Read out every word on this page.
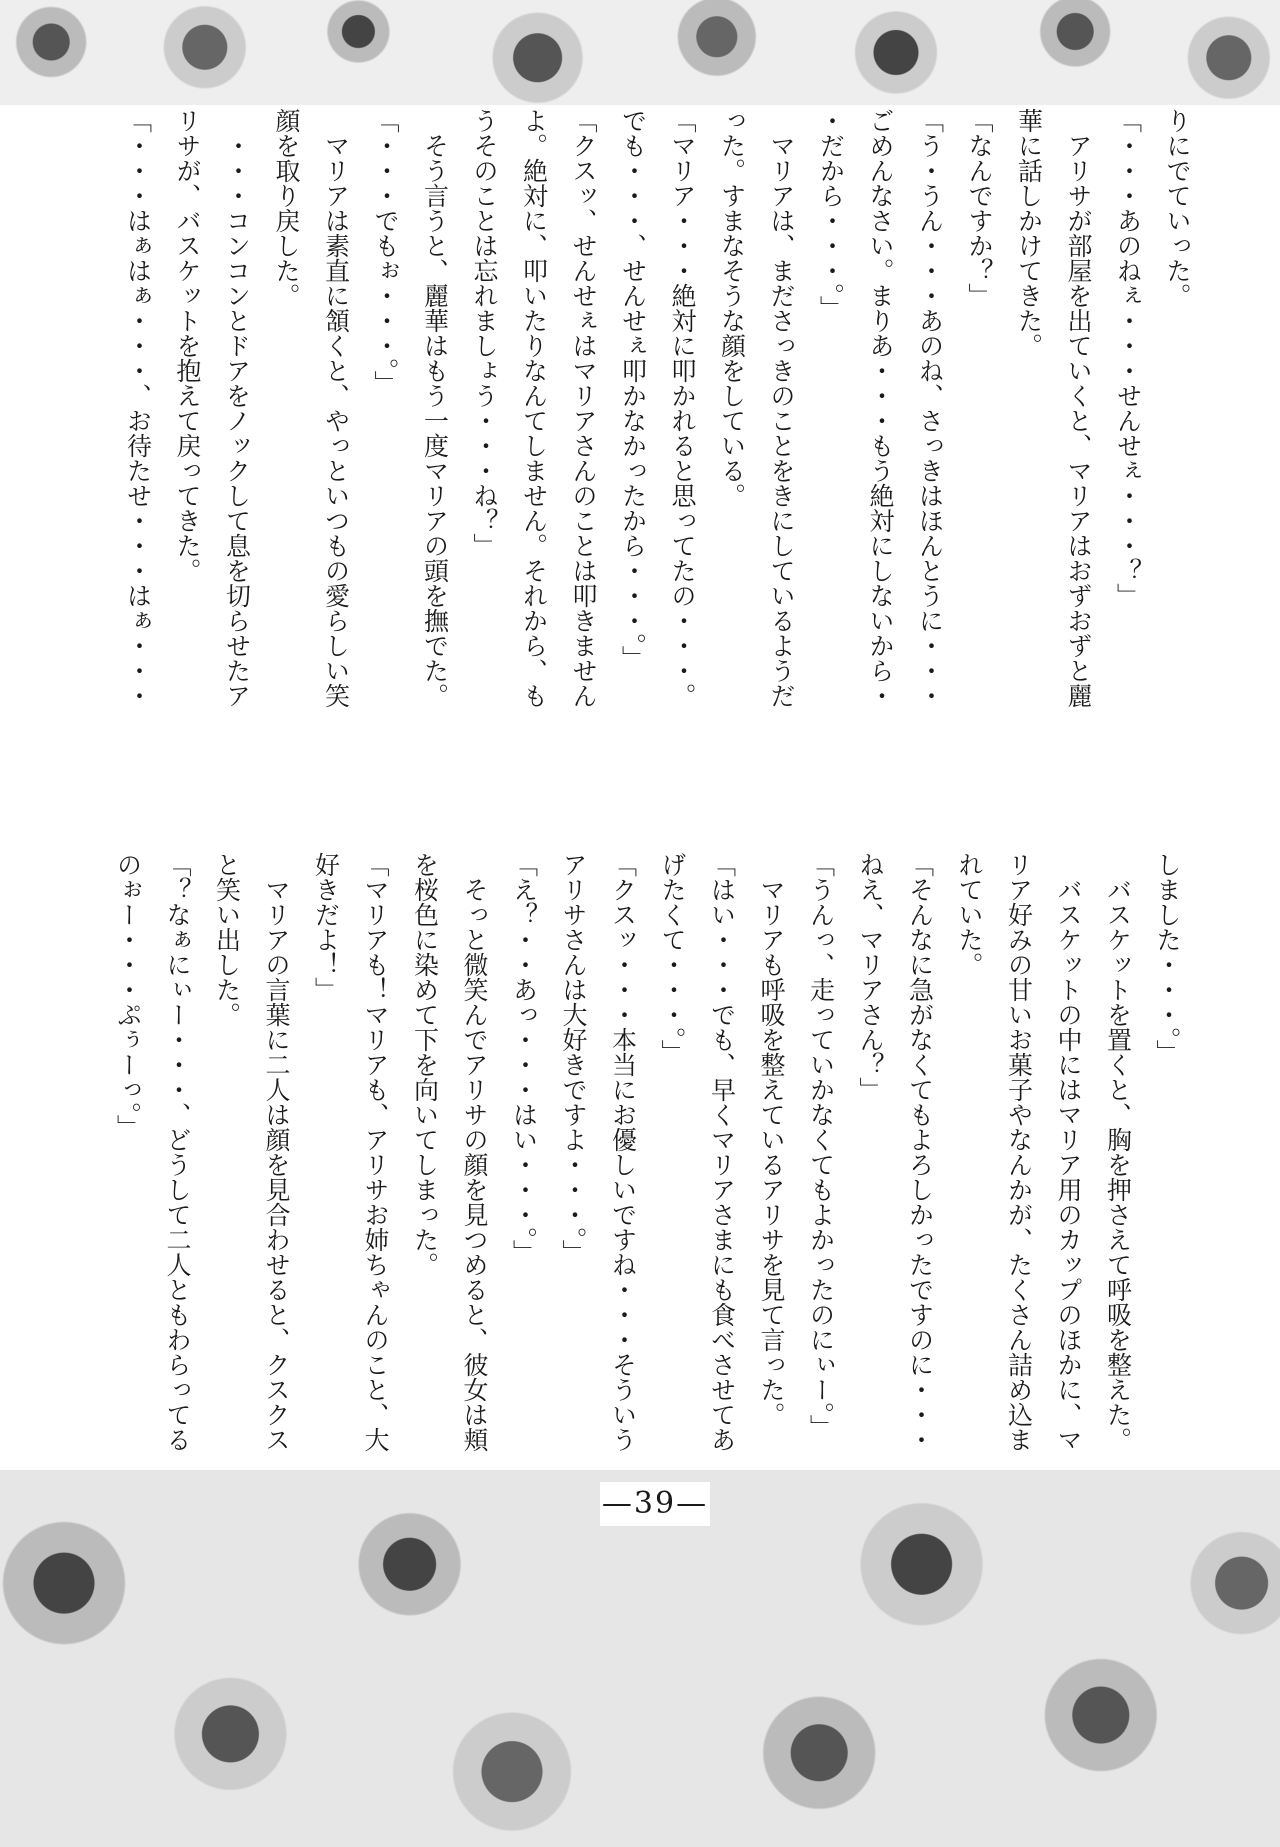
りにでていった。
「・・・あのねぇ・・・せんせぇ・・・？」
　アリサが部屋を出ていくと、マリアはおずおずと麗
華に話しかけてきた。
「なんですか？」
「う・うん・・・あのね、さっきはほんとうに・・・
ごめんなさい。まりあ・・・もう絶対にしないから・
・だから・・・。」
　マリアは、まださっきのことをきにしているようだ
った。すまなそうな顔をしている。
「マリア・・・絶対に叩かれると思ってたの・・・。
でも・・・、せんせぇ叩かなかったから・・・。」
「クスッ、せんせぇはマリアさんのことは叩きません
よ。絶対に、叩いたりなんてしません。それから、も
うそのことは忘れましょう・・・ね？」
　そう言うと、麗華はもう一度マリアの頭を撫でた。
「・・・でもぉ・・・。」
　マリアは素直に頷くと、やっといつもの愛らしい笑
顔を取り戻した。
　・・・コンコンとドアをノックして息を切らせたア
リサが、バスケットを抱えて戻ってきた。
「・・・はぁはぁ・・・、お待たせ・・・はぁ・・・
しました・・・。」
　バスケットを置くと、胸を押さえて呼吸を整えた。
　バスケットの中にはマリア用のカップのほかに、マ
リア好みの甘いお菓子やなんかが、たくさん詰め込ま
れていた。
「そんなに急がなくてもよろしかったですのに・・・
ねえ、マリアさん？」
「うんっ、走っていかなくてもよかったのにぃー。」
　マリアも呼吸を整えているアリサを見て言った。
「はい・・・でも、早くマリアさまにも食べさせてあ
げたくて・・・。」
「クスッ・・・本当にお優しいですね・・・そういう
アリサさんは大好きですよ・・・。」
「え？・・あっ・・・はい・・・。」
　そっと微笑んでアリサの顔を見つめると、彼女は頬
を桜色に染めて下を向いてしまった。
「マリアも！マリアも、アリサお姉ちゃんのこと、大
好きだよ！」
　マリアの言葉に二人は顔を見合わせると、クスクス
と笑い出した。
「？なぁにぃー・・・、どうして二人ともわらってる
のぉー・・・ぷぅーっ。」
—39—
